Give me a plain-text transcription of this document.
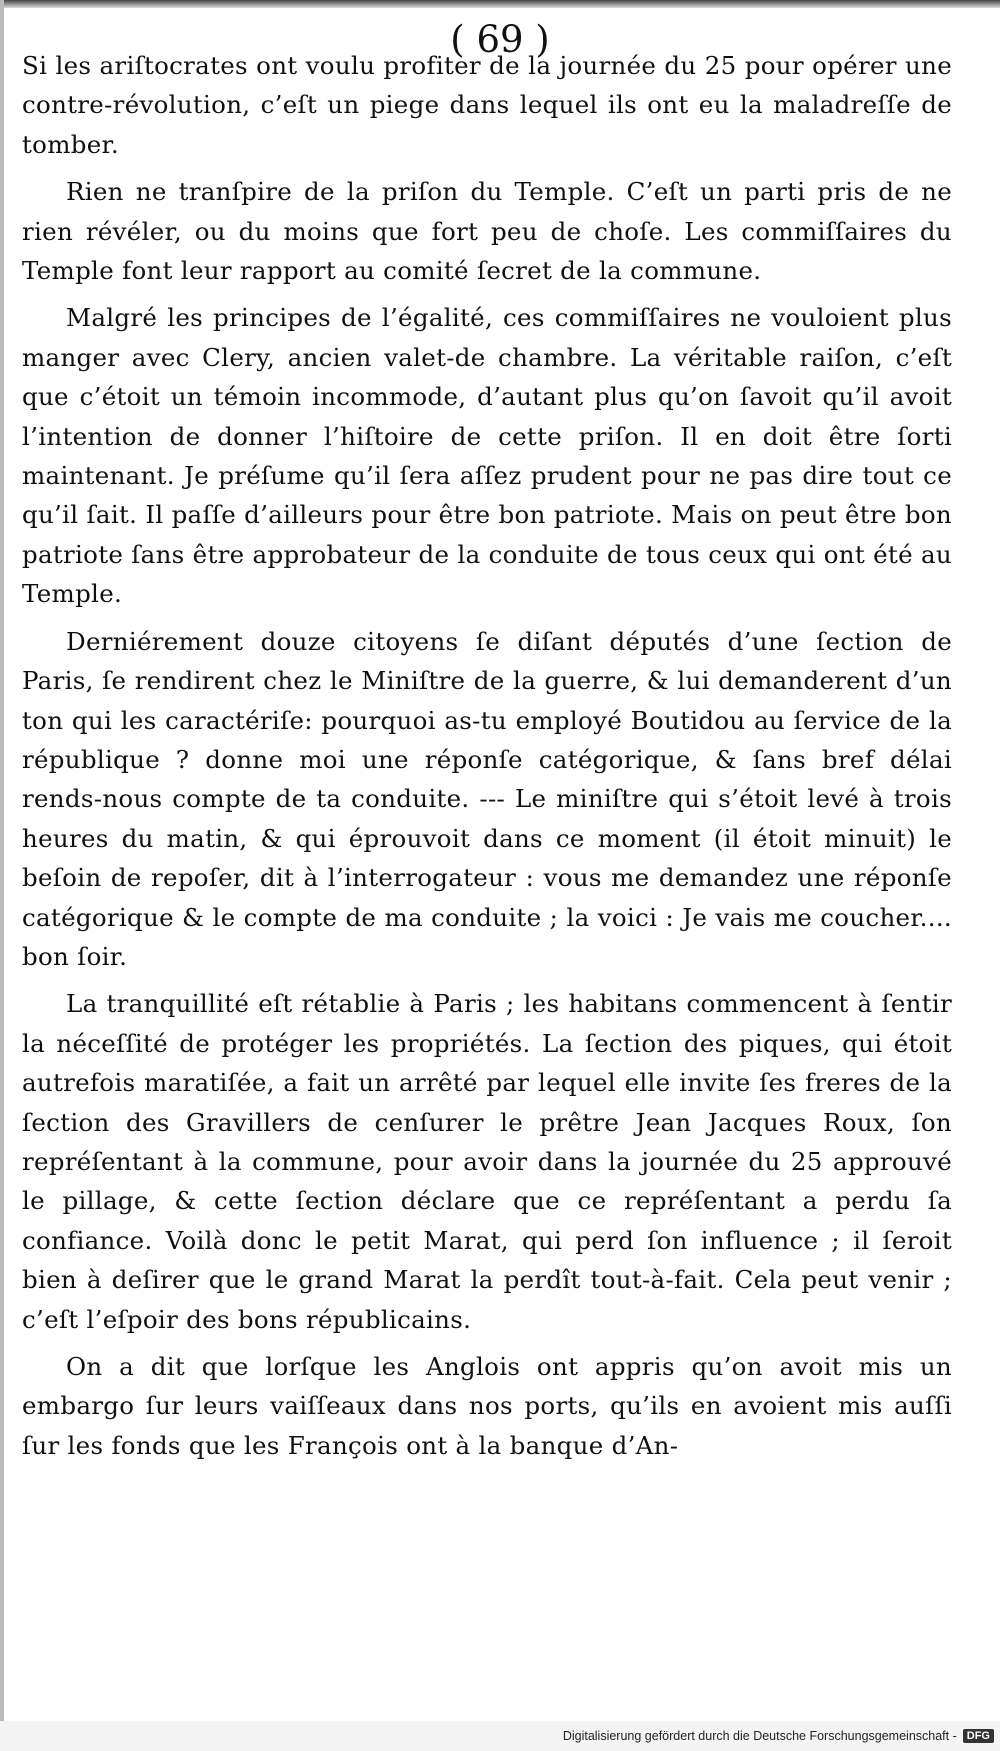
( 69 )

Si les ariſtocrates ont voulu profiter de la journée du 25 pour opérer une contre-révolution, c’eſt un piege dans lequel ils ont eu la maladreſſe de tomber.

Rien ne tranſpire de la priſon du Temple. C’eſt un parti pris de ne rien révéler, ou du moins que fort peu de choſe. Les commiſſaires du Temple font leur rapport au comité ſecret de la commune.

Malgré les principes de l’égalité, ces commiſſaires ne vouloient plus manger avec Clery, ancien valet-de chambre. La véritable raiſon, c’eſt que c’étoit un témoin incommode, d’autant plus qu’on ſavoit qu’il avoit l’intention de donner l’hiſtoire de cette priſon. Il en doit être ſorti maintenant. Je préſume qu’il ſera aſſez prudent pour ne pas dire tout ce qu’il ſait. Il paſſe d’ailleurs pour être bon patriote. Mais on peut être bon patriote ſans être approbateur de la conduite de tous ceux qui ont été au Temple.

Derniérement douze citoyens ſe diſant députés d’une ſection de Paris, ſe rendirent chez le Miniſtre de la guerre, & lui demanderent d’un ton qui les caractériſe: pourquoi as-tu employé Boutidou au ſervice de la république ? donne moi une réponſe catégorique, & ſans bref délai rends-nous compte de ta conduite. --- Le miniſtre qui s’étoit levé à trois heures du matin, & qui éprouvoit dans ce moment (il étoit minuit) le beſoin de repoſer, dit à l’interrogateur : vous me demandez une réponſe catégorique & le compte de ma conduite ; la voici : Je vais me coucher.... bon ſoir.

La tranquillité eſt rétablie à Paris ; les habitans commencent à ſentir la néceſſité de protéger les propriétés. La ſection des piques, qui étoit autrefois maratiſée, a fait un arrêté par lequel elle invite ſes freres de la ſection des Gravillers de cenſurer le prêtre Jean Jacques Roux, ſon repréſentant à la commune, pour avoir dans la journée du 25 approuvé le pillage, & cette ſection déclare que ce repréſentant a perdu ſa confiance. Voilà donc le petit Marat, qui perd ſon influence ; il ſeroit bien à deſirer que le grand Marat la perdît tout-à-fait. Cela peut venir ; c’eſt l’eſpoir des bons républicains.

On a dit que lorſque les Anglois ont appris qu’on avoit mis un embargo ſur leurs vaiſſeaux dans nos ports, qu’ils en avoient mis auſſi ſur les fonds que les François ont à la banque d’An-

Digitalisierung gefördert durch die Deutsche Forschungsgemeinschaft - DFG
